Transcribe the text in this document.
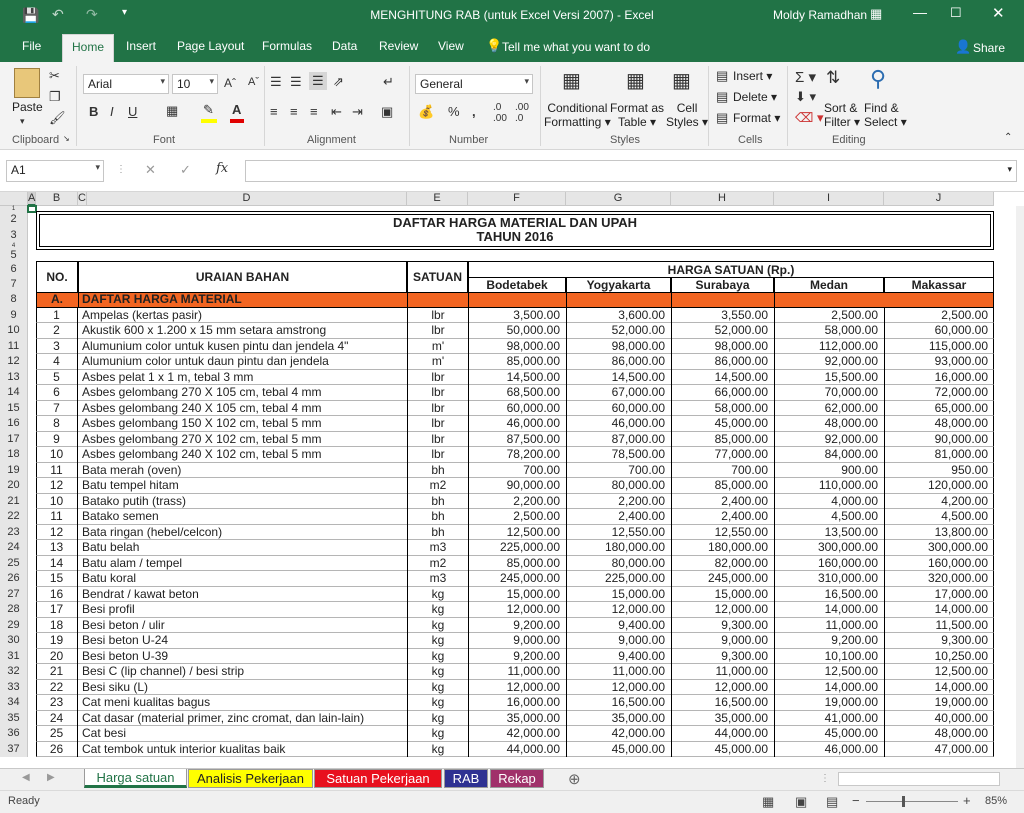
💾 ↶ ↷ ▾	MENGHITUNG RAB (untuk Excel Versi 2007) - Excel	Moldy Ramadhan ▦ — ☐ ✕
File	Home	Insert Page Layout Formulas Data Review View 💡 Tell me what you want to do	👤 Share
Paste
▾
✂
❐
🖌
Clipboard ↘
Arial	▾	10 ▾ Aˆ Aˇ
B I U ▦ ✎ A
Font
☰ ☰ ☰ ⇗	↵
≡ ≡ ≡ ⇤ ⇥ ▣
Alignment
General	▾
💰 % , .0
.00
.00
.0
Number
▦
Conditional
Formatting ▾
▦
Format as
Table ▾
▦
Cell
Styles ▾
Styles
▤ Insert ▾
▤ Delete ▾
▤ Format ▾
Cells
Σ ▾
⬇ ▾
⌫ ▾
⇅
Sort &
Filter ▾
⚲
Find &
Select ▾
Editing	⌃
A1	▾ ⋮ ✕ ✓ fx	▾
A	B	C	D	E	F	G	H	I	J
1
2
3
4
5
6
7
8
9
10
11
12
13
14
15
16
17
18
19
20
21
22
23
24
25
26
27
28
29
30
31
32
33
34
35
36
37
DAFTAR HARGA MATERIAL DAN UPAH
TAHUN 2016
NO.	URAIAN BAHAN	SATUAN	HARGA SATUAN (Rp.)
Bodetabek	Yogyakarta	Surabaya	Medan	Makassar
A.	DAFTAR HARGA MATERIAL
1	Ampelas (kertas pasir)	lbr	3,500.00	3,600.00	3,550.00	2,500.00	2,500.00
2	Akustik 600 x 1.200 x 15 mm setara amstrong	lbr	50,000.00	52,000.00	52,000.00	58,000.00	60,000.00
3	Alumunium color untuk kusen pintu dan jendela 4"	m'	98,000.00	98,000.00	98,000.00	112,000.00	115,000.00
4	Alumunium color untuk daun pintu dan jendela	m'	85,000.00	86,000.00	86,000.00	92,000.00	93,000.00
5	Asbes pelat 1 x 1 m, tebal 3 mm	lbr	14,500.00	14,500.00	14,500.00	15,500.00	16,000.00
6	Asbes gelombang 270 X 105 cm, tebal 4 mm	lbr	68,500.00	67,000.00	66,000.00	70,000.00	72,000.00
7	Asbes gelombang 240 X 105 cm, tebal 4 mm	lbr	60,000.00	60,000.00	58,000.00	62,000.00	65,000.00
8	Asbes gelombang 150 X 102 cm, tebal 5 mm	lbr	46,000.00	46,000.00	45,000.00	48,000.00	48,000.00
9	Asbes gelombang 270 X 102 cm, tebal 5 mm	lbr	87,500.00	87,000.00	85,000.00	92,000.00	90,000.00
10	Asbes gelombang 240 X 102 cm, tebal 5 mm	lbr	78,200.00	78,500.00	77,000.00	84,000.00	81,000.00
11	Bata merah (oven)	bh	700.00	700.00	700.00	900.00	950.00
12	Batu tempel hitam	m2	90,000.00	80,000.00	85,000.00	110,000.00	120,000.00
10	Batako putih (trass)	bh	2,200.00	2,200.00	2,400.00	4,000.00	4,200.00
11	Batako semen	bh	2,500.00	2,400.00	2,400.00	4,500.00	4,500.00
12	Bata ringan (hebel/celcon)	bh	12,500.00	12,550.00	12,550.00	13,500.00	13,800.00
13	Batu belah	m3	225,000.00	180,000.00	180,000.00	300,000.00	300,000.00
14	Batu alam / tempel	m2	85,000.00	80,000.00	82,000.00	160,000.00	160,000.00
15	Batu koral	m3	245,000.00	225,000.00	245,000.00	310,000.00	320,000.00
16	Bendrat / kawat beton	kg	15,000.00	15,000.00	15,000.00	16,500.00	17,000.00
17	Besi profil	kg	12,000.00	12,000.00	12,000.00	14,000.00	14,000.00
18	Besi beton / ulir	kg	9,200.00	9,400.00	9,300.00	11,000.00	11,500.00
19	Besi beton U-24	kg	9,000.00	9,000.00	9,000.00	9,200.00	9,300.00
20	Besi beton U-39	kg	9,200.00	9,400.00	9,300.00	10,100.00	10,250.00
21	Besi C (lip channel) / besi strip	kg	11,000.00	11,000.00	11,000.00	12,500.00	12,500.00
22	Besi siku (L)	kg	12,000.00	12,000.00	12,000.00	14,000.00	14,000.00
23	Cat meni kualitas bagus	kg	16,000.00	16,500.00	16,500.00	19,000.00	19,000.00
24	Cat dasar (material primer, zinc cromat, dan lain-lain)	kg	35,000.00	35,000.00	35,000.00	41,000.00	40,000.00
25	Cat besi	kg	42,000.00	42,000.00	44,000.00	45,000.00	48,000.00
26	Cat tembok untuk interior kualitas baik	kg	44,000.00	45,000.00	45,000.00	46,000.00	47,000.00
◀ ▶	Harga satuan	Analisis Pekerjaan	Satuan Pekerjaan	RAB	Rekap	⊕	⋮
Ready	▦ ▣ ▤ −	+ 85%
